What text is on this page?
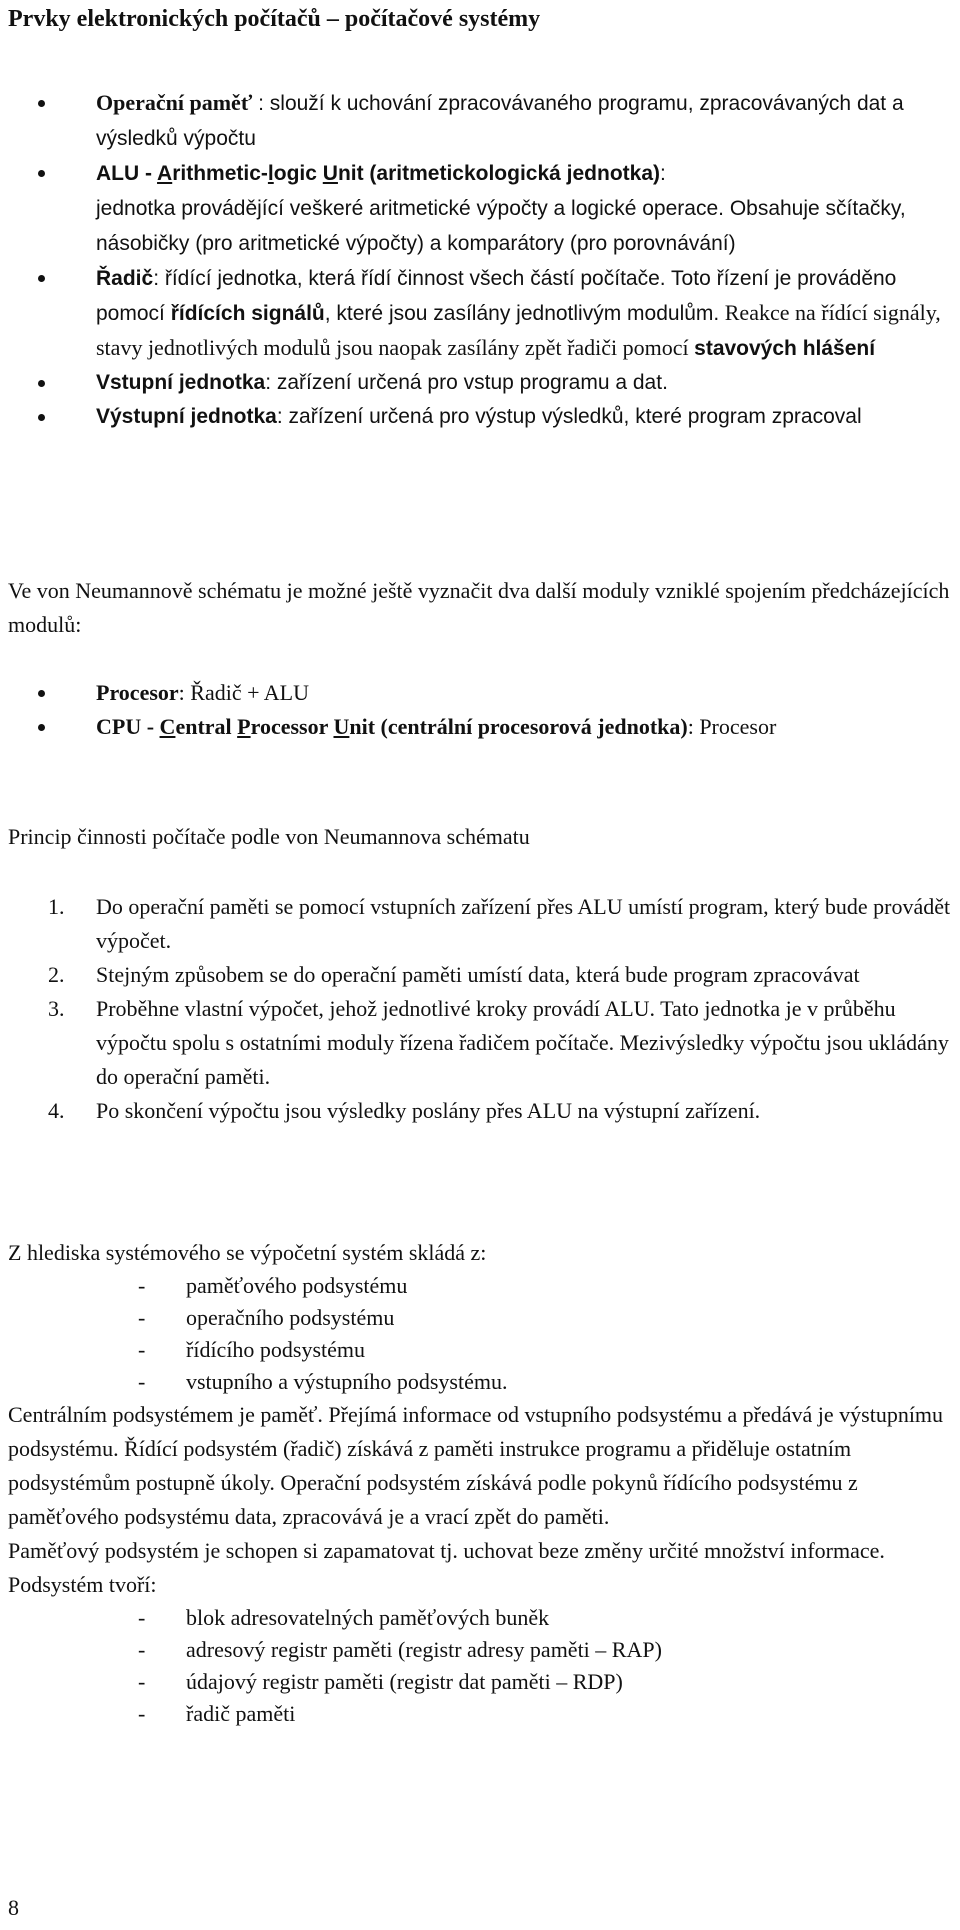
Prvky elektronických počítačů – počítačové systémy
Operační paměť : slouží k uchování zpracovávaného programu, zpracovávaných dat a výsledků výpočtu
ALU - Arithmetic-logic Unit (aritmetickologická jednotka):
jednotka provádějící veškeré aritmetické výpočty a logické operace. Obsahuje sčítačky, násobičky (pro aritmetické výpočty) a komparátory (pro porovnávání)
Řadič: řídící jednotka, která řídí činnost všech částí počítače. Toto řízení je prováděno pomocí řídících signálů, které jsou zasílány jednotlivým modulům. Reakce na řídící signály, stavy jednotlivých modulů jsou naopak zasílány zpět řadiči pomocí stavových hlášení
Vstupní jednotka: zařízení určená pro vstup programu a dat.
Výstupní jednotka: zařízení určená pro výstup výsledků, které program zpracoval

Ve von Neumannově schématu je možné ještě vyznačit dva další moduly vzniklé spojením předcházejících modulů:

Procesor: Řadič + ALU
CPU - Central Processor Unit (centrální procesorová jednotka): Procesor

Princip činnosti počítače podle von Neumannova schématu

1. Do operační paměti se pomocí vstupních zařízení přes ALU umístí program, který bude provádět výpočet.
2. Stejným způsobem se do operační paměti umístí data, která bude program zpracovávat
3. Proběhne vlastní výpočet, jehož jednotlivé kroky provádí ALU. Tato jednotka je v průběhu výpočtu spolu s ostatními moduly řízena řadičem počítače. Mezivýsledky výpočtu jsou ukládány do operační paměti.
4. Po skončení výpočtu jsou výsledky poslány přes ALU na výstupní zařízení.

Z hlediska systémového se výpočetní systém skládá z:

- paměťového podsystému
- operačního podsystému
- řídícího podsystému
- vstupního a výstupního podsystému.

Centrálním podsystémem je paměť. Přejímá informace od vstupního podsystému a předává je výstupnímu podsystému. Řídící podsystém (řadič) získává z paměti instrukce programu a přiděluje ostatním podsystémům postupně úkoly. Operační podsystém získává podle pokynů řídícího podsystému z paměťového podsystému data, zpracovává je a vrací zpět do paměti.

Paměťový podsystém je schopen si zapamatovat tj. uchovat beze změny určité množství informace. Podsystém tvoří:

- blok adresovatelných paměťových buněk
- adresový registr paměti (registr adresy paměti – RAP)
- údajový registr paměti (registr dat paměti – RDP)
- řadič paměti
8
